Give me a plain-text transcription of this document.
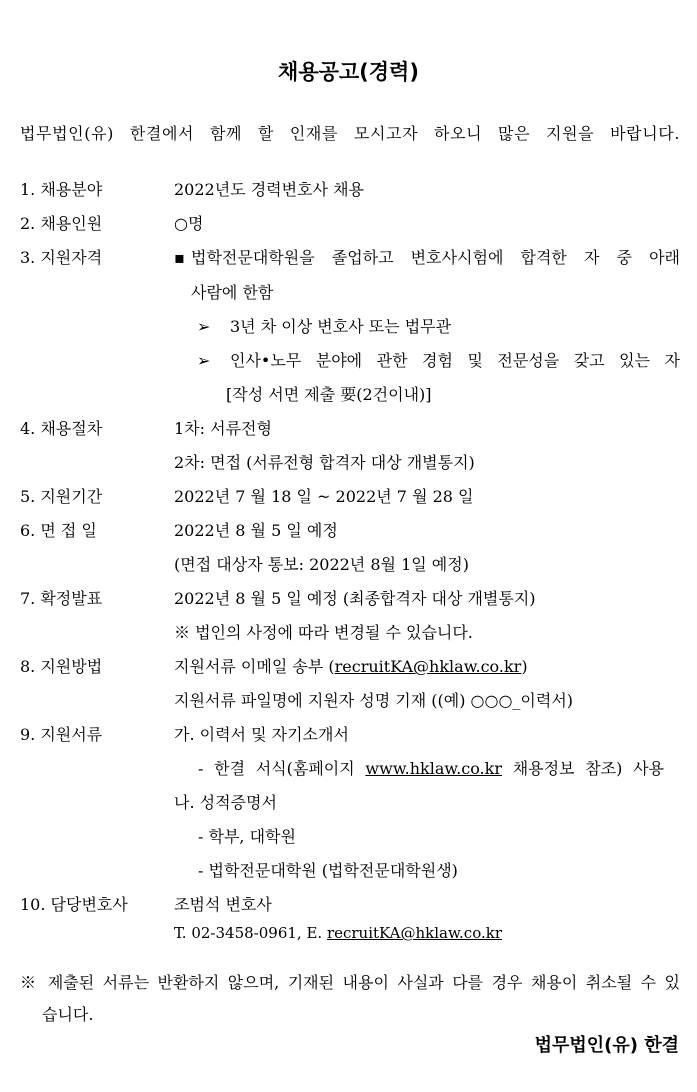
채용공고(경력)
법무법인(유) 한결에서 함께 할 인재를 모시고자 하오니 많은 지원을 바랍니다.
1. 채용분야	2022년도 경력변호사 채용
2. 채용인원	○명
3. 지원자격	▪ 법학전문대학원을 졸업하고 변호사시험에 합격한 자 중 아래
사람에 한함
➢ 3년 차 이상 변호사 또는 법무관
➢ 인사•노무 분야에 관한 경험 및 전문성을 갖고 있는 자
[작성 서면 제출 要(2건이내)]
4. 채용절차	1차: 서류전형
2차: 면접 (서류전형 합격자 대상 개별통지)
5. 지원기간	2022년 7 월 18 일 ~ 2022년 7 월 28 일
6. 면 접 일	2022년 8 월 5 일 예정
(면접 대상자 통보: 2022년 8월 1일 예정)
7. 확정발표	2022년 8 월 5 일 예정 (최종합격자 대상 개별통지)
※ 법인의 사정에 따라 변경될 수 있습니다.
8. 지원방법	지원서류 이메일 송부 (recruitKA@hklaw.co.kr)
지원서류 파일명에 지원자 성명 기재 ((예) ○○○_이력서)
9. 지원서류	가. 이력서 및 자기소개서
- 한결 서식(홈페이지 www.hklaw.co.kr 채용정보 참조) 사용
나. 성적증명서
- 학부, 대학원
- 법학전문대학원 (법학전문대학원생)
10. 담당변호사	조범석 변호사
T. 02-3458-0961, E. recruitKA@hklaw.co.kr
※ 제출된 서류는 반환하지 않으며, 기재된 내용이 사실과 다를 경우 채용이 취소될 수 있
습니다.
법무법인(유) 한결
